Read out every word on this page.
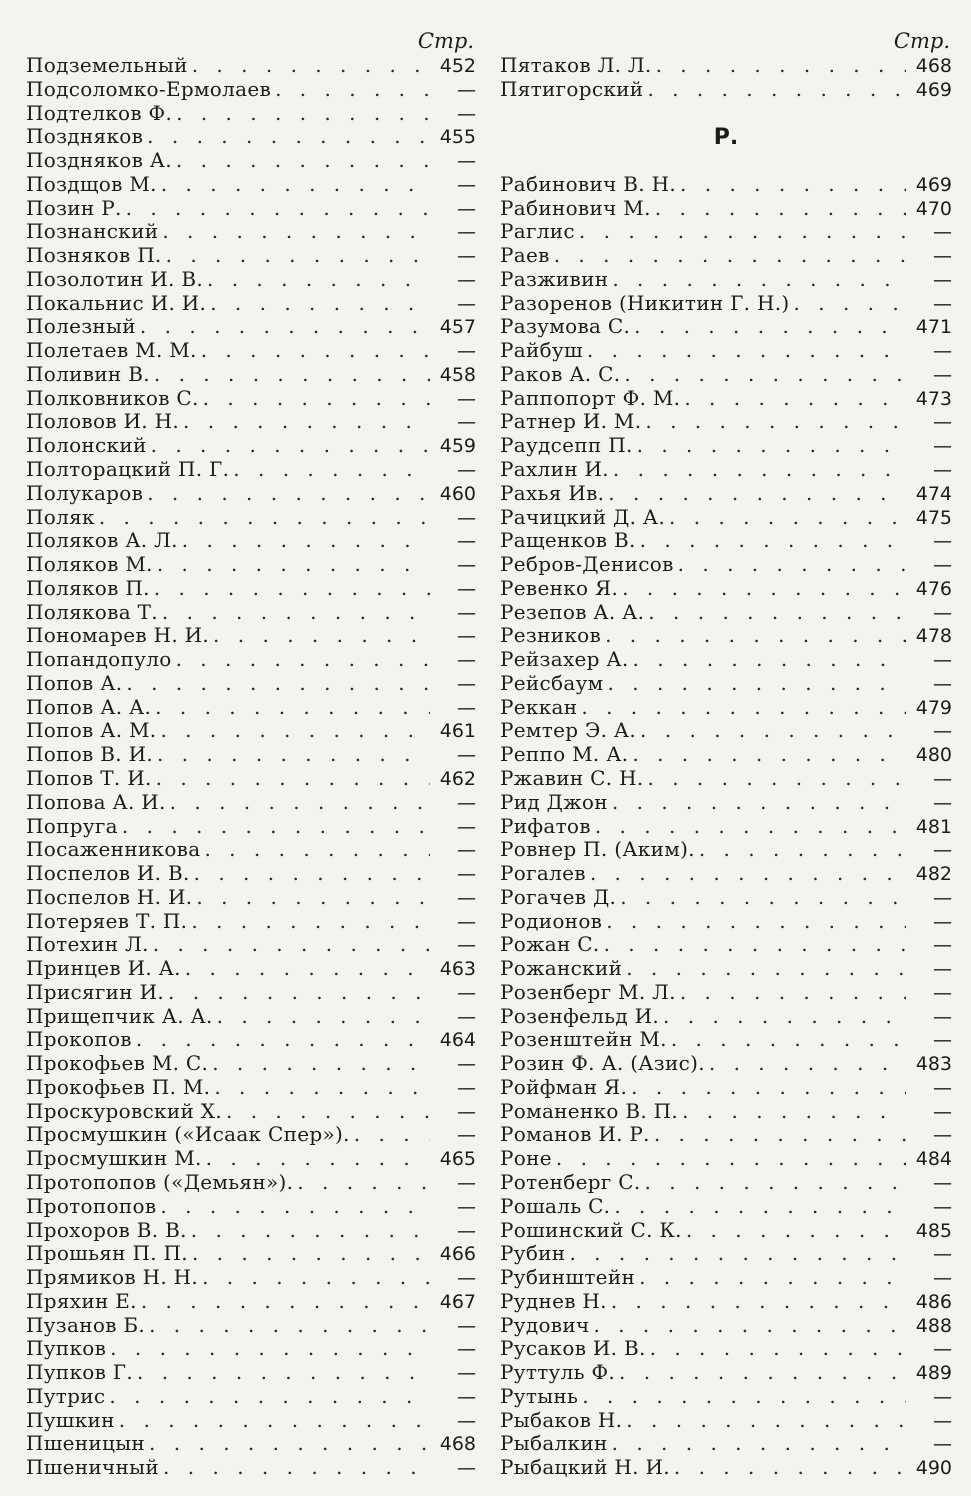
Стр.
Подземельный . . .	452
Подсоломко-Ермолаев . . .	—
Подтелков Ф. . . .	—
Поздняков . . .	455
Поздняков А. . . .	—
Поздщов М. . . .	—
Позин Р. . . .	—
Познанский . . .	—
Позняков П. . . .	—
Позолотин И. В. . . .	—
Покальнис И. И. . . .	—
Полезный . . .	457
Полетаев М. М. . . .	—
Поливин В. . . .	458
Полковников С. . . .	—
Половов И. Н. . . .	—
Полонский . . .	459
Полторацкий П. Г. . . .	—
Полукаров . . .	460
Поляк . . .	—
Поляков А. Л. . . .	—
Поляков М. . . .	—
Поляков П. . . .	—
Полякова Т. . . .	—
Пономарев Н. И. . . .	—
Попандопуло . . .	—
Попов А. . . .	—
Попов А. А. . . .	—
Попов А. М. . . .	461
Попов В. И. . . .	—
Попов Т. И. . . .	462
Попова А. И. . . .	—
Попруга . . .	—
Посаженникова . . .	—
Поспелов И. В. . . .	—
Поспелов Н. И. . . .	—
Потеряев Т. П. . . .	—
Потехин Л. . . .	—
Принцев И. А. . . .	463
Присягин И. . . .	—
Прищепчик А. А. . . .	—
Прокопов . . .	464
Прокофьев М. С. . . .	—
Прокофьев П. М. . . .	—
Проскуровский Х. . . .	—
Просмушкин («Исаак Спер»). . . .	—
Просмушкин М. . . .	465
Протопопов («Демьян»). . . .	—
Протопопов . . .	—
Прохоров В. В. . . .	—
Прошьян П. П. . . .	466
Прямиков Н. Н. . . .	—
Пряхин Е. . . .	467
Пузанов Б. . . .	—
Пупков . . .	—
Пупков Г. . . .	—
Путрис . . .	—
Пушкин . . .	—
Пшеницын . . .	468
Пшеничный . . .	—
Стр.
Пятаков Л. Л. . . .	468
Пятигорский . . .	469
Р.
Рабинович В. Н. . . .	469
Рабинович М. . . .	470
Раглис . . .	—
Раев . . .	—
Разживин . . .	—
Разоренов (Никитин Г. Н.) . . .	—
Разумова С. . . .	471
Райбуш . . .	—
Раков А. С. . . .	—
Раппопорт Ф. М. . . .	473
Ратнер И. М. . . .	—
Раудсепп П. . . .	—
Рахлин И. . . .	—
Рахья Ив. . . .	474
Рачицкий Д. А. . . .	475
Ращенков В. . . .	—
Ребров-Денисов . . .	—
Ревенко Я. . . .	476
Резепов А. А. . . .	—
Резников . . .	478
Рейзахер А. . . .	—
Рейсбаум . . .	—
Реккан . . .	479
Ремтер Э. А. . . .	—
Реппо М. А. . . .	480
Ржавин С. Н. . . .	—
Рид Джон . . .	—
Рифатов . . .	481
Ровнер П. (Аким). . . .	—
Рогалев . . .	482
Рогачев Д. . . .	—
Родионов . . .	—
Рожан С. . . .	—
Рожанский . . .	—
Розенберг М. Л. . . .	—
Розенфельд И. . . .	—
Розенштейн М. . . .	—
Розин Ф. А. (Азис). . . .	483
Ройфман Я. . . .	—
Романенко В. П. . . .	—
Романов И. Р. . . .	—
Роне . . .	484
Ротенберг С. . . .	—
Рошаль С. . . .	—
Рошинский С. К. . . .	485
Рубин . . .	—
Рубинштейн . . .	—
Руднев Н. . . .	486
Рудович . . .	488
Русаков И. В. . . .	—
Руттуль Ф. . . .	489
Рутынь . . .	—
Рыбаков Н. . . .	—
Рыбалкин . . .	—
Рыбацкий Н. И. . . .	490
